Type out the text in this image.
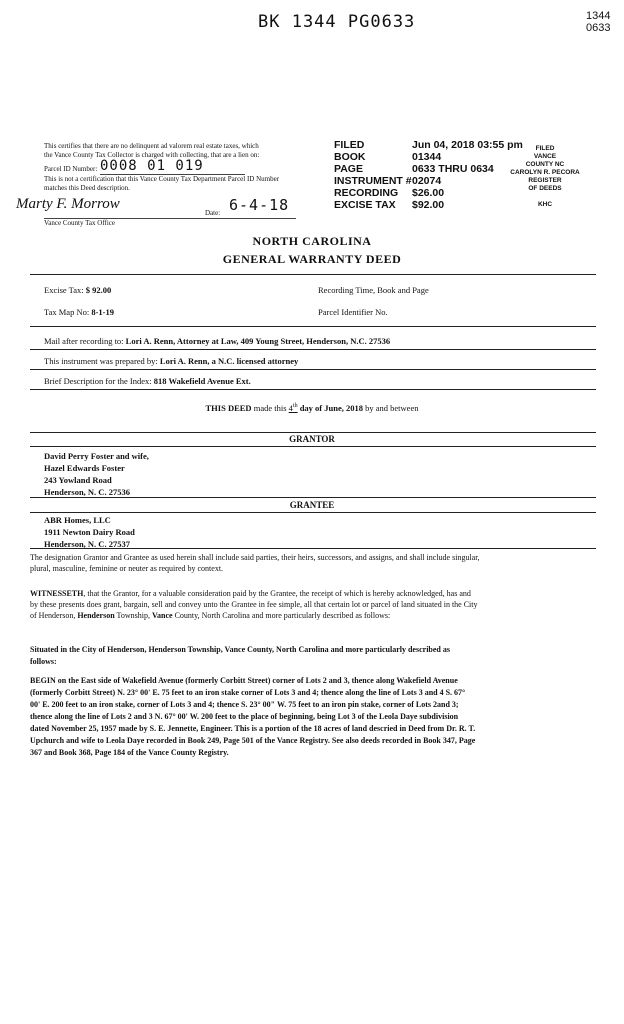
BK 1344 PG0633	1344
0633
This certifies that there are no delinquent ad valorem real estate taxes, which
the Vance County Tax Collector is charged with collecting, that are a lien on:
Parcel ID Number: 0008 01 019
This is not a certification that this Vance County Tax Department Parcel ID Number
matches this Deed description.
Marty F. Morrow
Date: 6-4-18
Vance County Tax Office
FILED	Jun 04, 2018 03:55 pm
BOOK	01344
PAGE	0633 THRU 0634
INSTRUMENT #02074
RECORDING $26.00
EXCISE TAX $92.00
FILED
VANCE
COUNTY NC
CAROLYN R. PECORA
REGISTER
OF DEEDS
KHC
NORTH CAROLINA
GENERAL WARRANTY DEED
Excise Tax: $ 92.00	Recording Time, Book and Page
Tax Map No: 8-1-19	Parcel Identifier No.
Mail after recording to: Lori A. Renn, Attorney at Law, 409 Young Street, Henderson, N.C. 27536
This instrument was prepared by: Lori A. Renn, a N.C. licensed attorney
Brief Description for the Index: 818 Wakefield Avenue Ext.
THIS DEED made this 4th day of June, 2018 by and between
GRANTOR
David Perry Foster and wife,
Hazel Edwards Foster
243 Yowland Road
Henderson, N. C. 27536
GRANTEE
ABR Homes, LLC
1911 Newton Dairy Road
Henderson, N. C. 27537
The designation Grantor and Grantee as used herein shall include said parties, their heirs, successors, and assigns, and shall include singular,
plural, masculine, feminine or neuter as required by context.
WITNESSETH, that the Grantor, for a valuable consideration paid by the Grantee, the receipt of which is hereby acknowledged, has and
by these presents does grant, bargain, sell and convey unto the Grantee in fee simple, all that certain lot or parcel of land situated in the City
of Henderson, Henderson Township, Vance County, North Carolina and more particularly described as follows:
Situated in the City of Henderson, Henderson Township, Vance County, North Carolina and more particularly described as
follows:
BEGIN on the East side of Wakefield Avenue (formerly Corbitt Street) corner of Lots 2 and 3, thence along Wakefield Avenue
(formerly Corbitt Street) N. 23° 00' E. 75 feet to an iron stake corner of Lots 3 and 4; thence along the line of Lots 3 and 4 S. 67°
00' E. 200 feet to an iron stake, corner of Lots 3 and 4; thence S. 23° 00" W. 75 feet to an iron pin stake, corner of Lots 2and 3;
thence along the line of Lots 2 and 3 N. 67° 00' W. 200 feet to the place of beginning, being Lot 3 of the Leola Daye subdivision
dated November 25, 1957 made by S. E. Jennette, Engineer. This is a portion of the 18 acres of land descried in Deed from Dr. R. T.
Upchurch and wife to Leola Daye recorded in Book 249, Page 501 of the Vance Registry. See also deeds recorded in Book 347, Page
367 and Book 368, Page 184 of the Vance County Registry.
